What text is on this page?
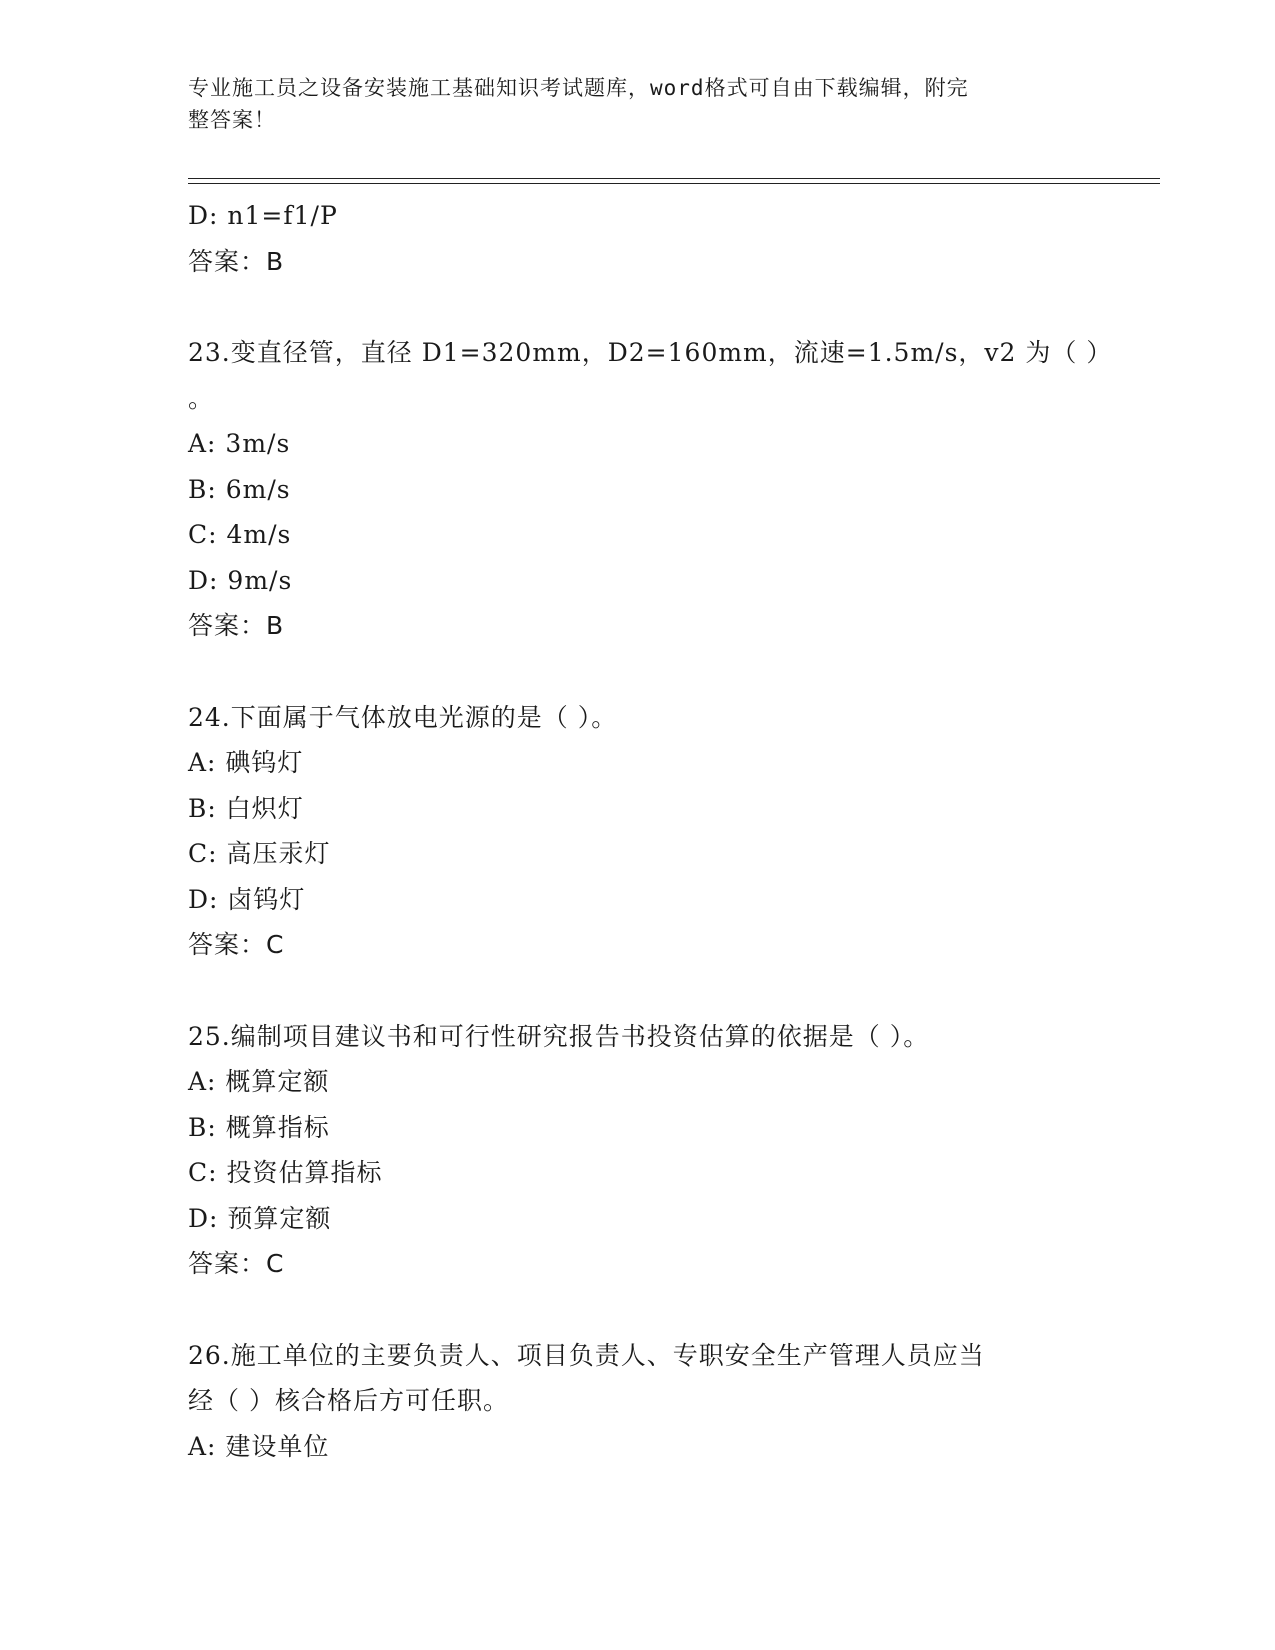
专业施工员之设备安装施工基础知识考试题库，word格式可自由下载编辑，附完

整答案！

D: n1=f1/P

答案：B

23.变直径管，直径 D1=320mm，D2=160mm，流速=1.5m/s，v2 为（ ）

。

A: 3m/s

B: 6m/s

C: 4m/s

D: 9m/s

答案：B

24.下面属于气体放电光源的是（ ）。

A: 碘钨灯

B: 白炽灯

C: 高压汞灯

D: 卤钨灯

答案：C

25.编制项目建议书和可行性研究报告书投资估算的依据是（ ）。

A: 概算定额

B: 概算指标

C: 投资估算指标

D: 预算定额

答案：C

26.施工单位的主要负责人、项目负责人、专职安全生产管理人员应当

经（ ）核合格后方可任职。

A: 建设单位
